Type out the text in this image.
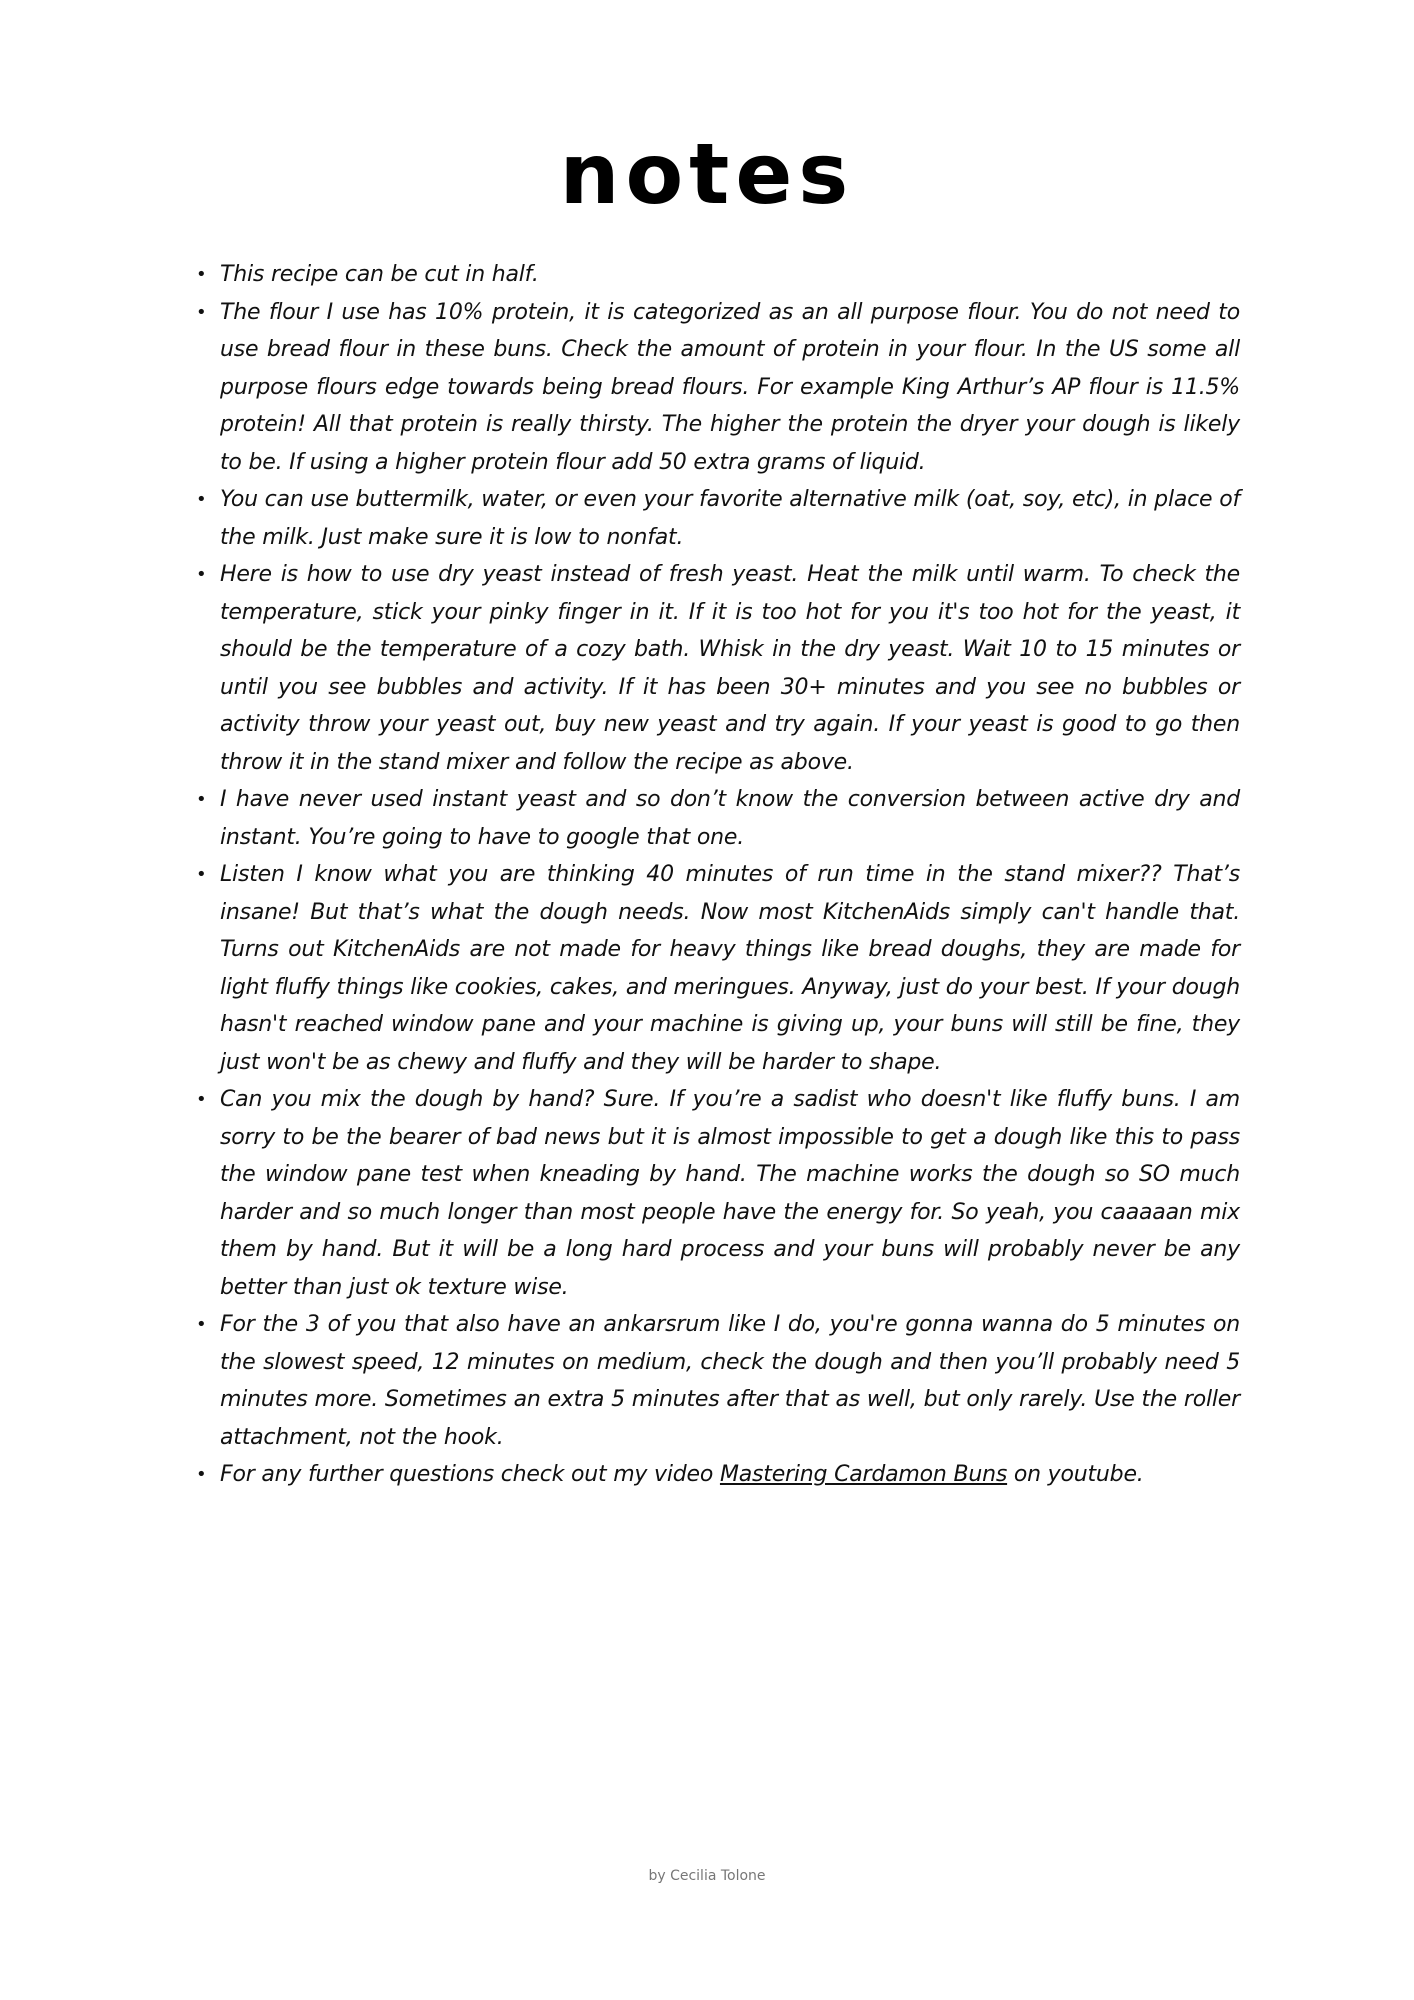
notes
• This recipe can be cut in half.
• The flour I use has 10% protein, it is categorized as an all purpose flour. You do not need to use bread flour in these buns. Check the amount of protein in your flour. In the US some all purpose flours edge towards being bread flours. For example King Arthur’s AP flour is 11.5% protein! All that protein is really thirsty. The higher the protein the dryer your dough is likely to be. If using a higher protein flour add 50 extra grams of liquid.
• You can use buttermilk, water, or even your favorite alternative milk (oat, soy, etc), in place of the milk. Just make sure it is low to nonfat.
• Here is how to use dry yeast instead of fresh yeast. Heat the milk until warm. To check the temperature, stick your pinky finger in it. If it is too hot for you it's too hot for the yeast, it should be the temperature of a cozy bath. Whisk in the dry yeast. Wait 10 to 15 minutes or until you see bubbles and activity. If it has been 30+ minutes and you see no bubbles or activity throw your yeast out, buy new yeast and try again. If your yeast is good to go then throw it in the stand mixer and follow the recipe as above.
• I have never used instant yeast and so don’t know the conversion between active dry and instant. You’re going to have to google that one.
• Listen I know what you are thinking 40 minutes of run time in the stand mixer?? That’s insane! But that’s what the dough needs. Now most KitchenAids simply can't handle that. Turns out KitchenAids are not made for heavy things like bread doughs, they are made for light fluffy things like cookies, cakes, and meringues. Anyway, just do your best. If your dough hasn't reached window pane and your machine is giving up, your buns will still be fine, they just won't be as chewy and fluffy and they will be harder to shape.
• Can you mix the dough by hand? Sure. If you’re a sadist who doesn't like fluffy buns. I am sorry to be the bearer of bad news but it is almost impossible to get a dough like this to pass the window pane test when kneading by hand. The machine works the dough so SO much harder and so much longer than most people have the energy for. So yeah, you caaaaan mix them by hand. But it will be a long hard process and your buns will probably never be any better than just ok texture wise.
• For the 3 of you that also have an ankarsrum like I do, you're gonna wanna do 5 minutes on the slowest speed, 12 minutes on medium, check the dough and then you’ll probably need 5 minutes more. Sometimes an extra 5 minutes after that as well, but only rarely. Use the roller attachment, not the hook.
• For any further questions check out my video Mastering Cardamon Buns on youtube.
by Cecilia Tolone
